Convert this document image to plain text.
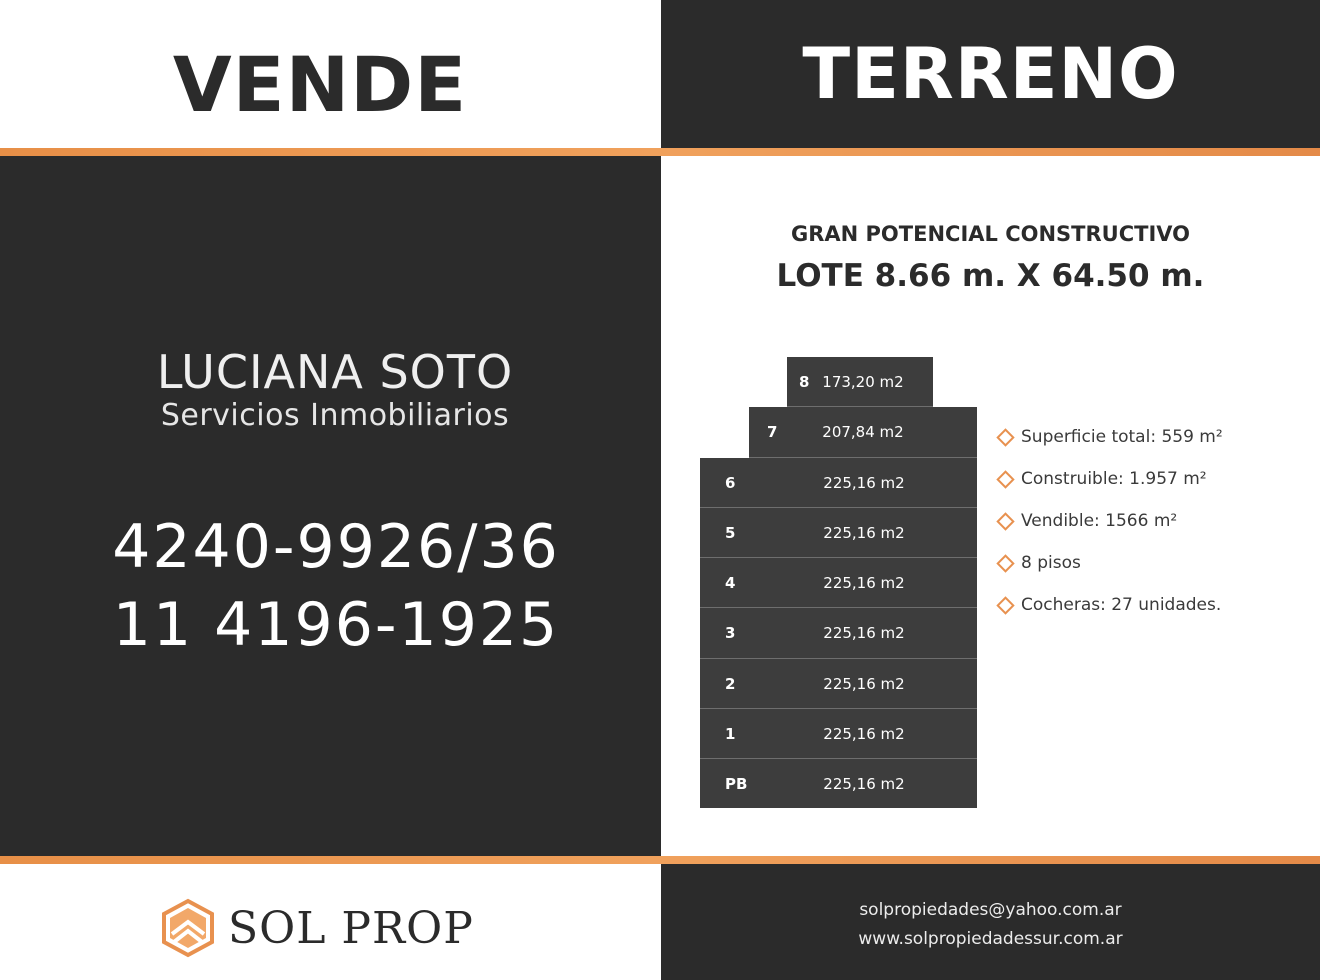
VENDE	TERRENO
LUCIANA SOTO
Servicios Inmobiliarios
4240-9926/36
11 4196-1925
GRAN POTENCIAL CONSTRUCTIVO
LOTE 8.66 m. X 64.50 m.
8 173,20 m2
7	207,84 m2
6	225,16 m2
5	225,16 m2
4	225,16 m2
3	225,16 m2
2	225,16 m2
1	225,16 m2
PB	225,16 m2
Superficie total: 559 m²
Construible: 1.957 m²
Vendible: 1566 m²
8 pisos
Cocheras: 27 unidades.
SOL PROP	solpropiedades@yahoo.com.ar
www.solpropiedadessur.com.ar
